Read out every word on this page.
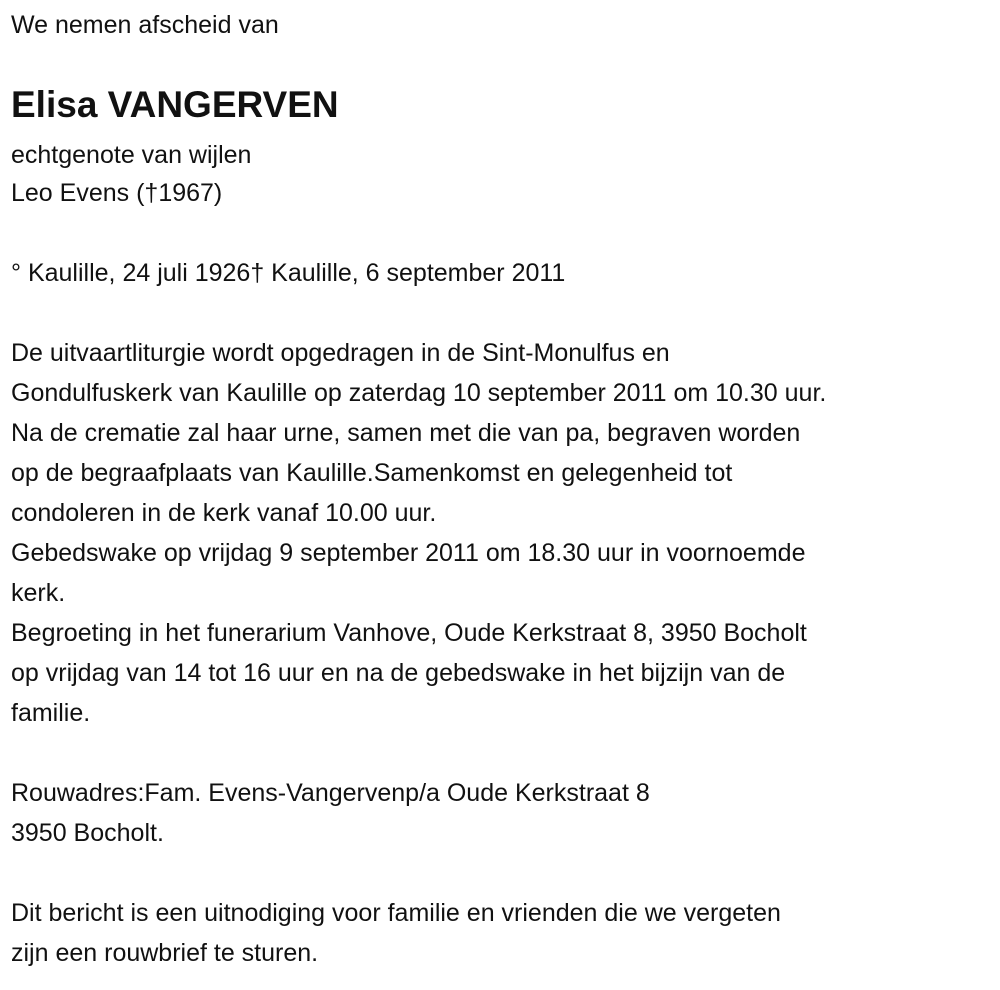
We nemen afscheid van
Elisa VANGERVEN
echtgenote van wijlen
Leo Evens (†1967)
° Kaulille, 24 juli 1926† Kaulille, 6 september 2011
De uitvaartliturgie wordt opgedragen in de Sint-Monulfus en
Gondulfuskerk van Kaulille op zaterdag 10 september 2011 om 10.30 uur.
Na de crematie zal haar urne, samen met die van pa, begraven worden
op de begraafplaats van Kaulille.Samenkomst en gelegenheid tot
condoleren in de kerk vanaf 10.00 uur.
Gebedswake op vrijdag 9 september 2011 om 18.30 uur in voornoemde
kerk.
Begroeting in het funerarium Vanhove, Oude Kerkstraat 8, 3950 Bocholt
op vrijdag van 14 tot 16 uur en na de gebedswake in het bijzijn van de
familie.
Rouwadres:Fam. Evens-Vangervenp/a Oude Kerkstraat 8
3950 Bocholt.
Dit bericht is een uitnodiging voor familie en vrienden die we vergeten
zijn een rouwbrief te sturen.
